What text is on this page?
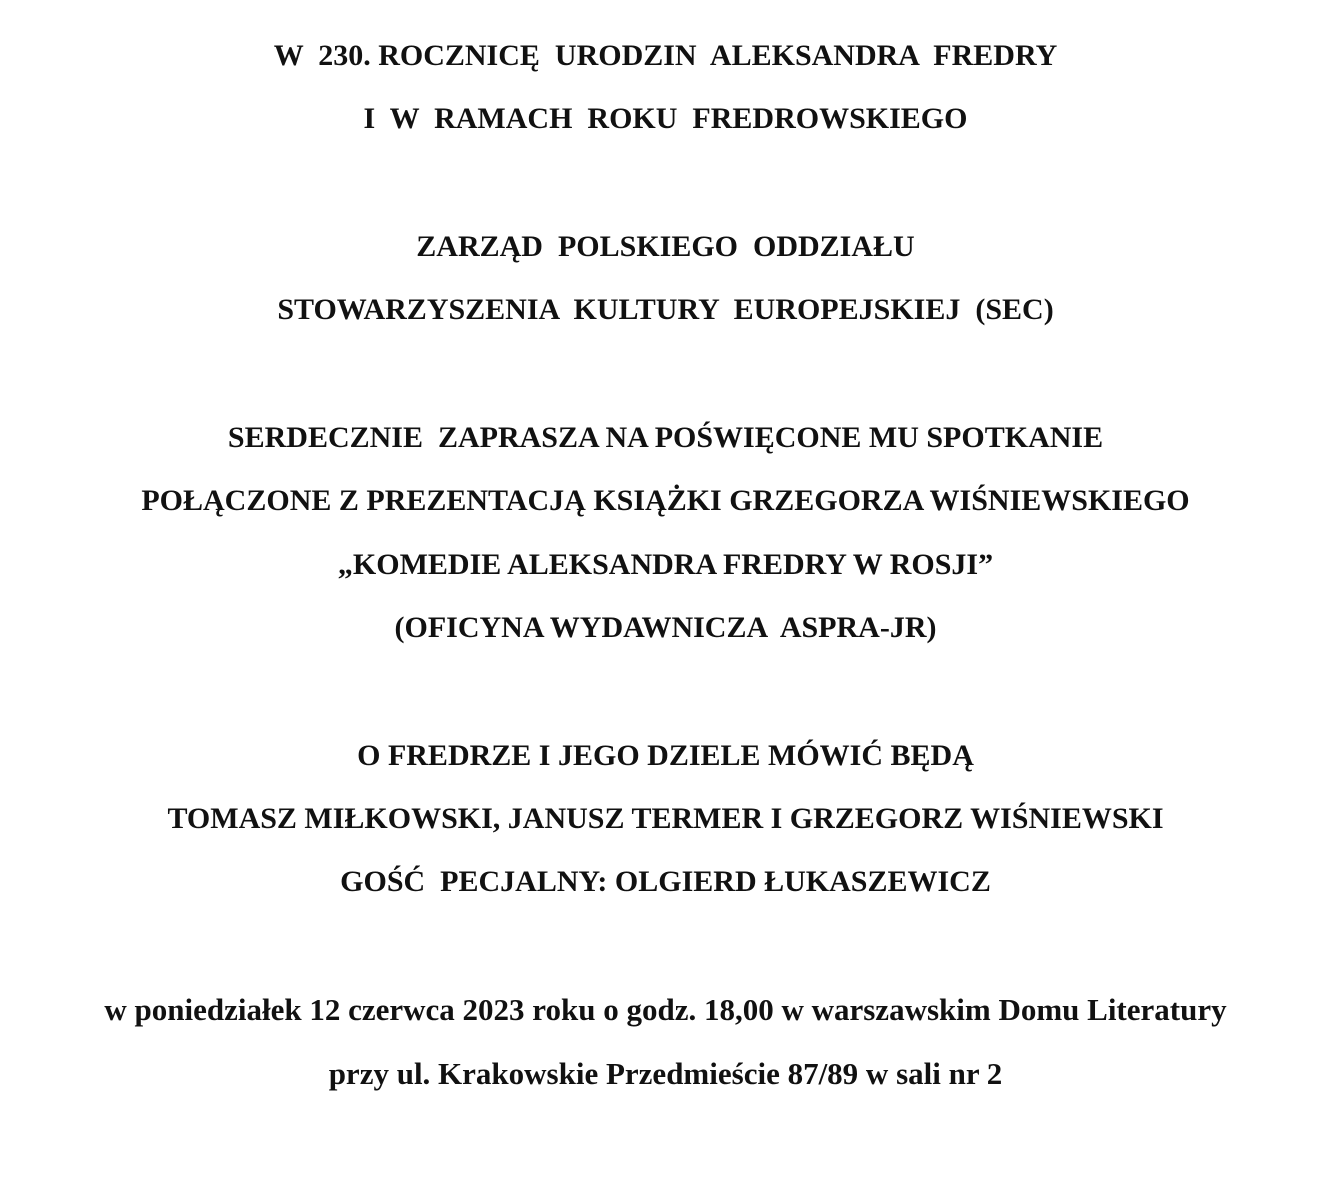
W  230. ROCZNICĘ  URODZIN  ALEKSANDRA  FREDRY
I  W  RAMACH  ROKU  FREDROWSKIEGO
ZARZĄD  POLSKIEGO  ODDZIAŁU
STOWARZYSZENIA  KULTURY  EUROPEJSKIEJ  (SEC)
SERDECZNIE  ZAPRASZA NA POŚWIĘCONE MU SPOTKANIE
POŁĄCZONE Z PREZENTACJĄ KSIĄŻKI GRZEGORZA WIŚNIEWSKIEGO
„KOMEDIE ALEKSANDRA FREDRY W ROSJI”
(OFICYNA WYDAWNICZA  ASPRA-JR)
O FREDRZE I JEGO DZIELE MÓWIĆ BĘDĄ
TOMASZ MIŁKOWSKI, JANUSZ TERMER I GRZEGORZ WIŚNIEWSKI
GOŚĆ  PECJALNY: OLGIERD ŁUKASZEWICZ
w poniedziałek 12 czerwca 2023 roku o godz. 18,00 w warszawskim Domu Literatury
przy ul. Krakowskie Przedmieście 87/89 w sali nr 2
